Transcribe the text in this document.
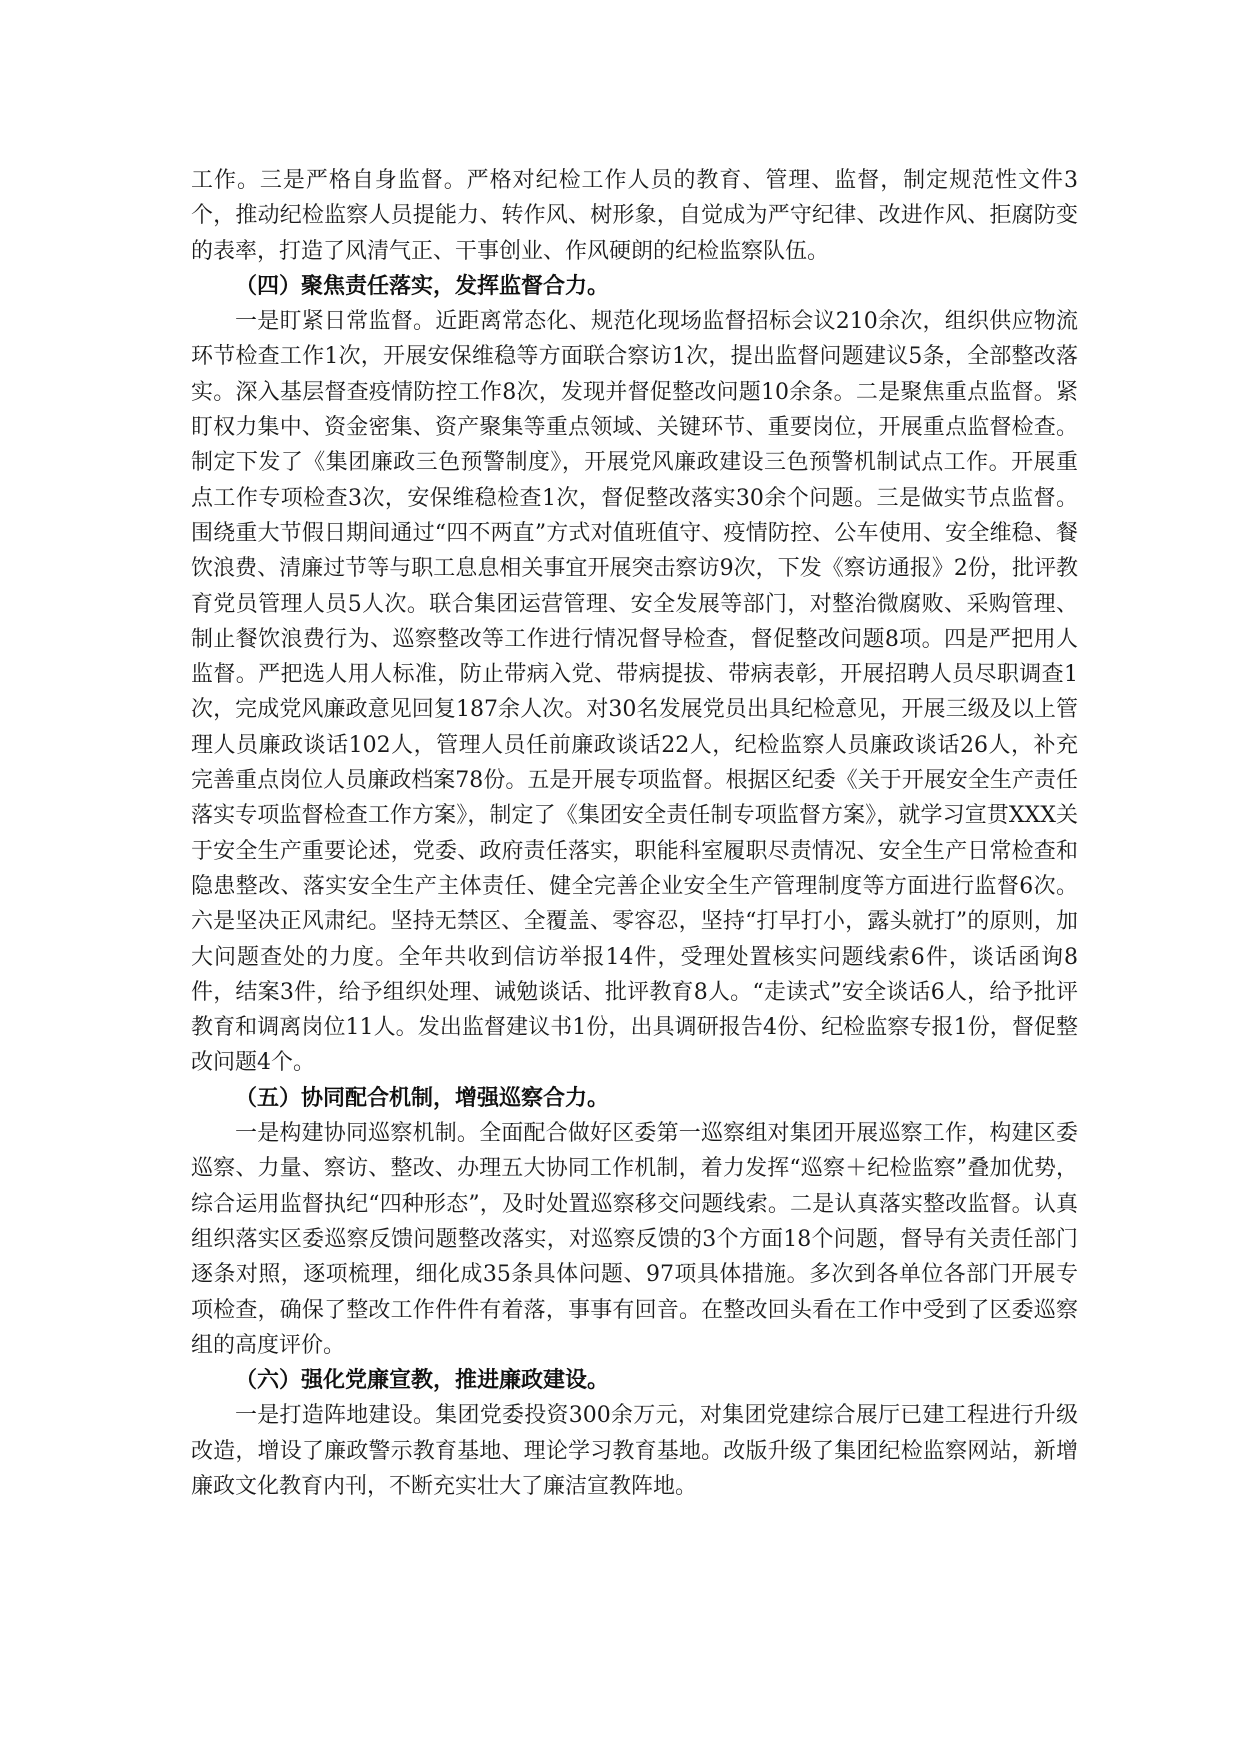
工作。三是严格自身监督。严格对纪检工作人员的教育、管理、监督，制定规范性文件3个，推动纪检监察人员提能力、转作风、树形象，自觉成为严守纪律、改进作风、拒腐防变的表率，打造了风清气正、干事创业、作风硬朗的纪检监察队伍。

（四）聚焦责任落实，发挥监督合力。

一是盯紧日常监督。近距离常态化、规范化现场监督招标会议210余次，组织供应物流环节检查工作1次，开展安保维稳等方面联合察访1次，提出监督问题建议5条，全部整改落实。深入基层督查疫情防控工作8次，发现并督促整改问题10余条。二是聚焦重点监督。紧盯权力集中、资金密集、资产聚集等重点领域、关键环节、重要岗位，开展重点监督检查。制定下发了《集团廉政三色预警制度》，开展党风廉政建设三色预警机制试点工作。开展重点工作专项检查3次，安保维稳检查1次，督促整改落实30余个问题。三是做实节点监督。围绕重大节假日期间通过“四不两直”方式对值班值守、疫情防控、公车使用、安全维稳、餐饮浪费、清廉过节等与职工息息相关事宜开展突击察访9次，下发《察访通报》2份，批评教育党员管理人员5人次。联合集团运营管理、安全发展等部门，对整治微腐败、采购管理、制止餐饮浪费行为、巡察整改等工作进行情况督导检查，督促整改问题8项。四是严把用人监督。严把选人用人标准，防止带病入党、带病提拔、带病表彰，开展招聘人员尽职调查1次，完成党风廉政意见回复187余人次。对30名发展党员出具纪检意见，开展三级及以上管理人员廉政谈话102人，管理人员任前廉政谈话22人，纪检监察人员廉政谈话26人，补充完善重点岗位人员廉政档案78份。五是开展专项监督。根据区纪委《关于开展安全生产责任落实专项监督检查工作方案》，制定了《集团安全责任制专项监督方案》，就学习宣贯XXX关于安全生产重要论述，党委、政府责任落实，职能科室履职尽责情况、安全生产日常检查和隐患整改、落实安全生产主体责任、健全完善企业安全生产管理制度等方面进行监督6次。六是坚决正风肃纪。坚持无禁区、全覆盖、零容忍，坚持“打早打小，露头就打”的原则，加大问题查处的力度。全年共收到信访举报14件，受理处置核实问题线索6件，谈话函询8件，结案3件，给予组织处理、诫勉谈话、批评教育8人。“走读式”安全谈话6人，给予批评教育和调离岗位11人。发出监督建议书1份，出具调研报告4份、纪检监察专报1份，督促整改问题4个。

（五）协同配合机制，增强巡察合力。

一是构建协同巡察机制。全面配合做好区委第一巡察组对集团开展巡察工作，构建区委巡察、力量、察访、整改、办理五大协同工作机制，着力发挥“巡察＋纪检监察”叠加优势，综合运用监督执纪“四种形态”，及时处置巡察移交问题线索。二是认真落实整改监督。认真组织落实区委巡察反馈问题整改落实，对巡察反馈的3个方面18个问题，督导有关责任部门逐条对照，逐项梳理，细化成35条具体问题、97项具体措施。多次到各单位各部门开展专项检查，确保了整改工作件件有着落，事事有回音。在整改回头看在工作中受到了区委巡察组的高度评价。

（六）强化党廉宣教，推进廉政建设。

一是打造阵地建设。集团党委投资300余万元，对集团党建综合展厅已建工程进行升级改造，增设了廉政警示教育基地、理论学习教育基地。改版升级了集团纪检监察网站，新增廉政文化教育内刊，不断充实壮大了廉洁宣教阵地。
